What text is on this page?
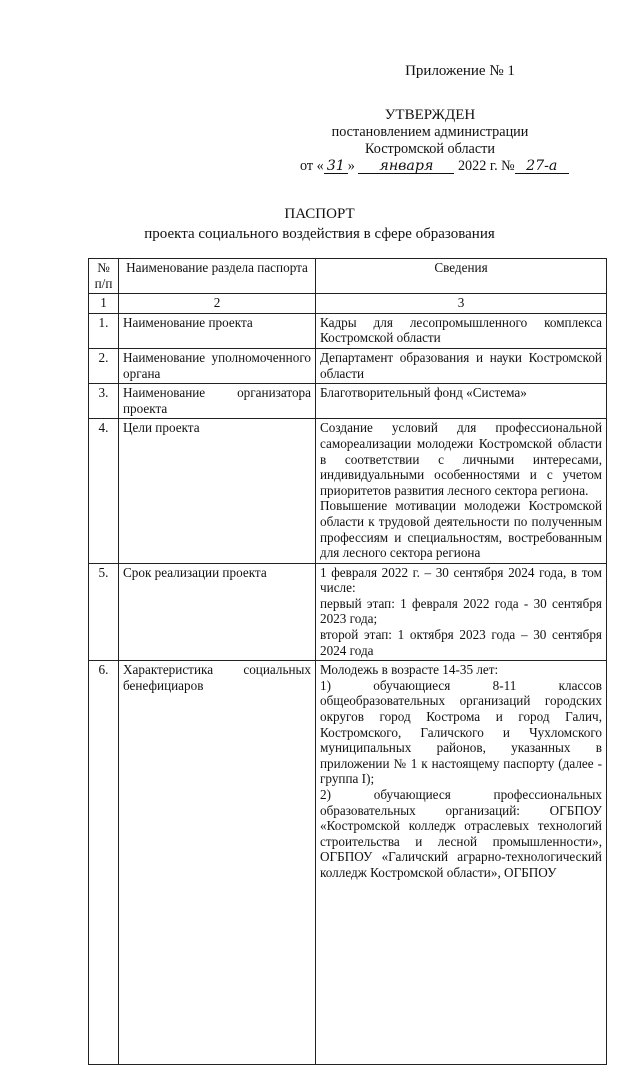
Приложение № 1
УТВЕРЖДЕН
постановлением администрации
Костромской области
от « 31 » января 2022 г. № 27-а
ПАСПОРТ
проекта социального воздействия в сфере образования
№ п/п	Наименование раздела паспорта	Сведения
1	2	3
1.	Наименование проекта	Кадры для лесопромышленного комплекса Костромской области

2.	Наименование уполномоченного органа	Департамент образования и науки Костромской области

3.	Наименование организатора проекта	Благотворительный фонд «Система»

4.	Цели проекта	Создание условий для профессиональной самореализации молодежи Костромской области в соответствии с личными интересами, индивидуальными особенностями и с учетом приоритетов развития лесного сектора региона.
Повышение мотивации молодежи Костромской области к трудовой деятельности по полученным профессиям и специальностям, востребованным для лесного сектора региона

5.	Срок реализации проекта	1 февраля 2022 г. – 30 сентября 2024 года, в том числе:
первый этап: 1 февраля 2022 года - 30 сентября 2023 года;
второй этап: 1 октября 2023 года – 30 сентября 2024 года

6.	Характеристика социальных бенефициаров	Молодежь в возрасте 14-35 лет:
1) обучающиеся 8-11 классов общеобразовательных организаций городских округов город Кострома и город Галич, Костромского, Галичского и Чухломского муниципальных районов, указанных в приложении № 1 к настоящему паспорту (далее - группа I);
2) обучающиеся профессиональных образовательных организаций: ОГБПОУ «Костромской колледж отраслевых технологий строительства и лесной промышленности», ОГБПОУ «Галичский аграрно-технологический колледж Костромской области», ОГБПОУ
